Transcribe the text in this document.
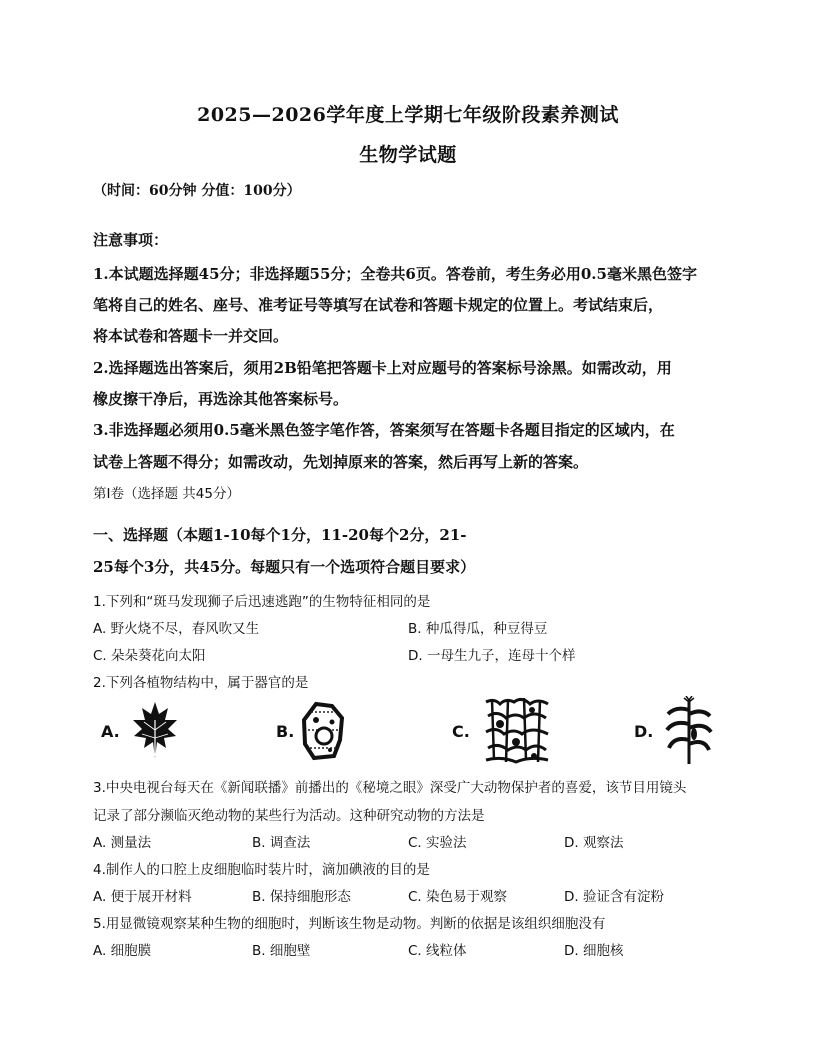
2025—2026学年度上学期七年级阶段素养测试
生物学试题
（时间：60分钟 分值：100分）
注意事项：
1.本试题选择题45分；非选择题55分；全卷共6页。答卷前，考生务必用0.5毫米黑色签字
笔将自己的姓名、座号、准考证号等填写在试卷和答题卡规定的位置上。考试结束后，
将本试卷和答题卡一并交回。
2.选择题选出答案后，须用2B铅笔把答题卡上对应题号的答案标号涂黑。如需改动，用
橡皮擦干净后，再选涂其他答案标号。
3.非选择题必须用0.5毫米黑色签字笔作答，答案须写在答题卡各题目指定的区域内，在
试卷上答题不得分；如需改动，先划掉原来的答案，然后再写上新的答案。
第I卷（选择题 共45分）
一、选择题（本题1-10每个1分，11-20每个2分，21-
25每个3分，共45分。每题只有一个选项符合题目要求）
1.下列和“斑马发现狮子后迅速逃跑”的生物特征相同的是
A. 野火烧不尽，春风吹又生	B. 种瓜得瓜，种豆得豆
C. 朵朵葵花向太阳	D. 一母生九子，连母十个样
2.下列各植物结构中，属于器官的是
A.	B.	C.	D.
3.中央电视台每天在《新闻联播》前播出的《秘境之眼》深受广大动物保护者的喜爱，该节目用镜头
记录了部分濒临灭绝动物的某些行为活动。这种研究动物的方法是
A. 测量法	B. 调查法	C. 实验法	D. 观察法
4.制作人的口腔上皮细胞临时装片时，滴加碘液的目的是
A. 便于展开材料	B. 保持细胞形态	C. 染色易于观察	D. 验证含有淀粉
5.用显微镜观察某种生物的细胞时，判断该生物是动物。判断的依据是该组织细胞没有
A. 细胞膜	B. 细胞壁	C. 线粒体	D. 细胞核
